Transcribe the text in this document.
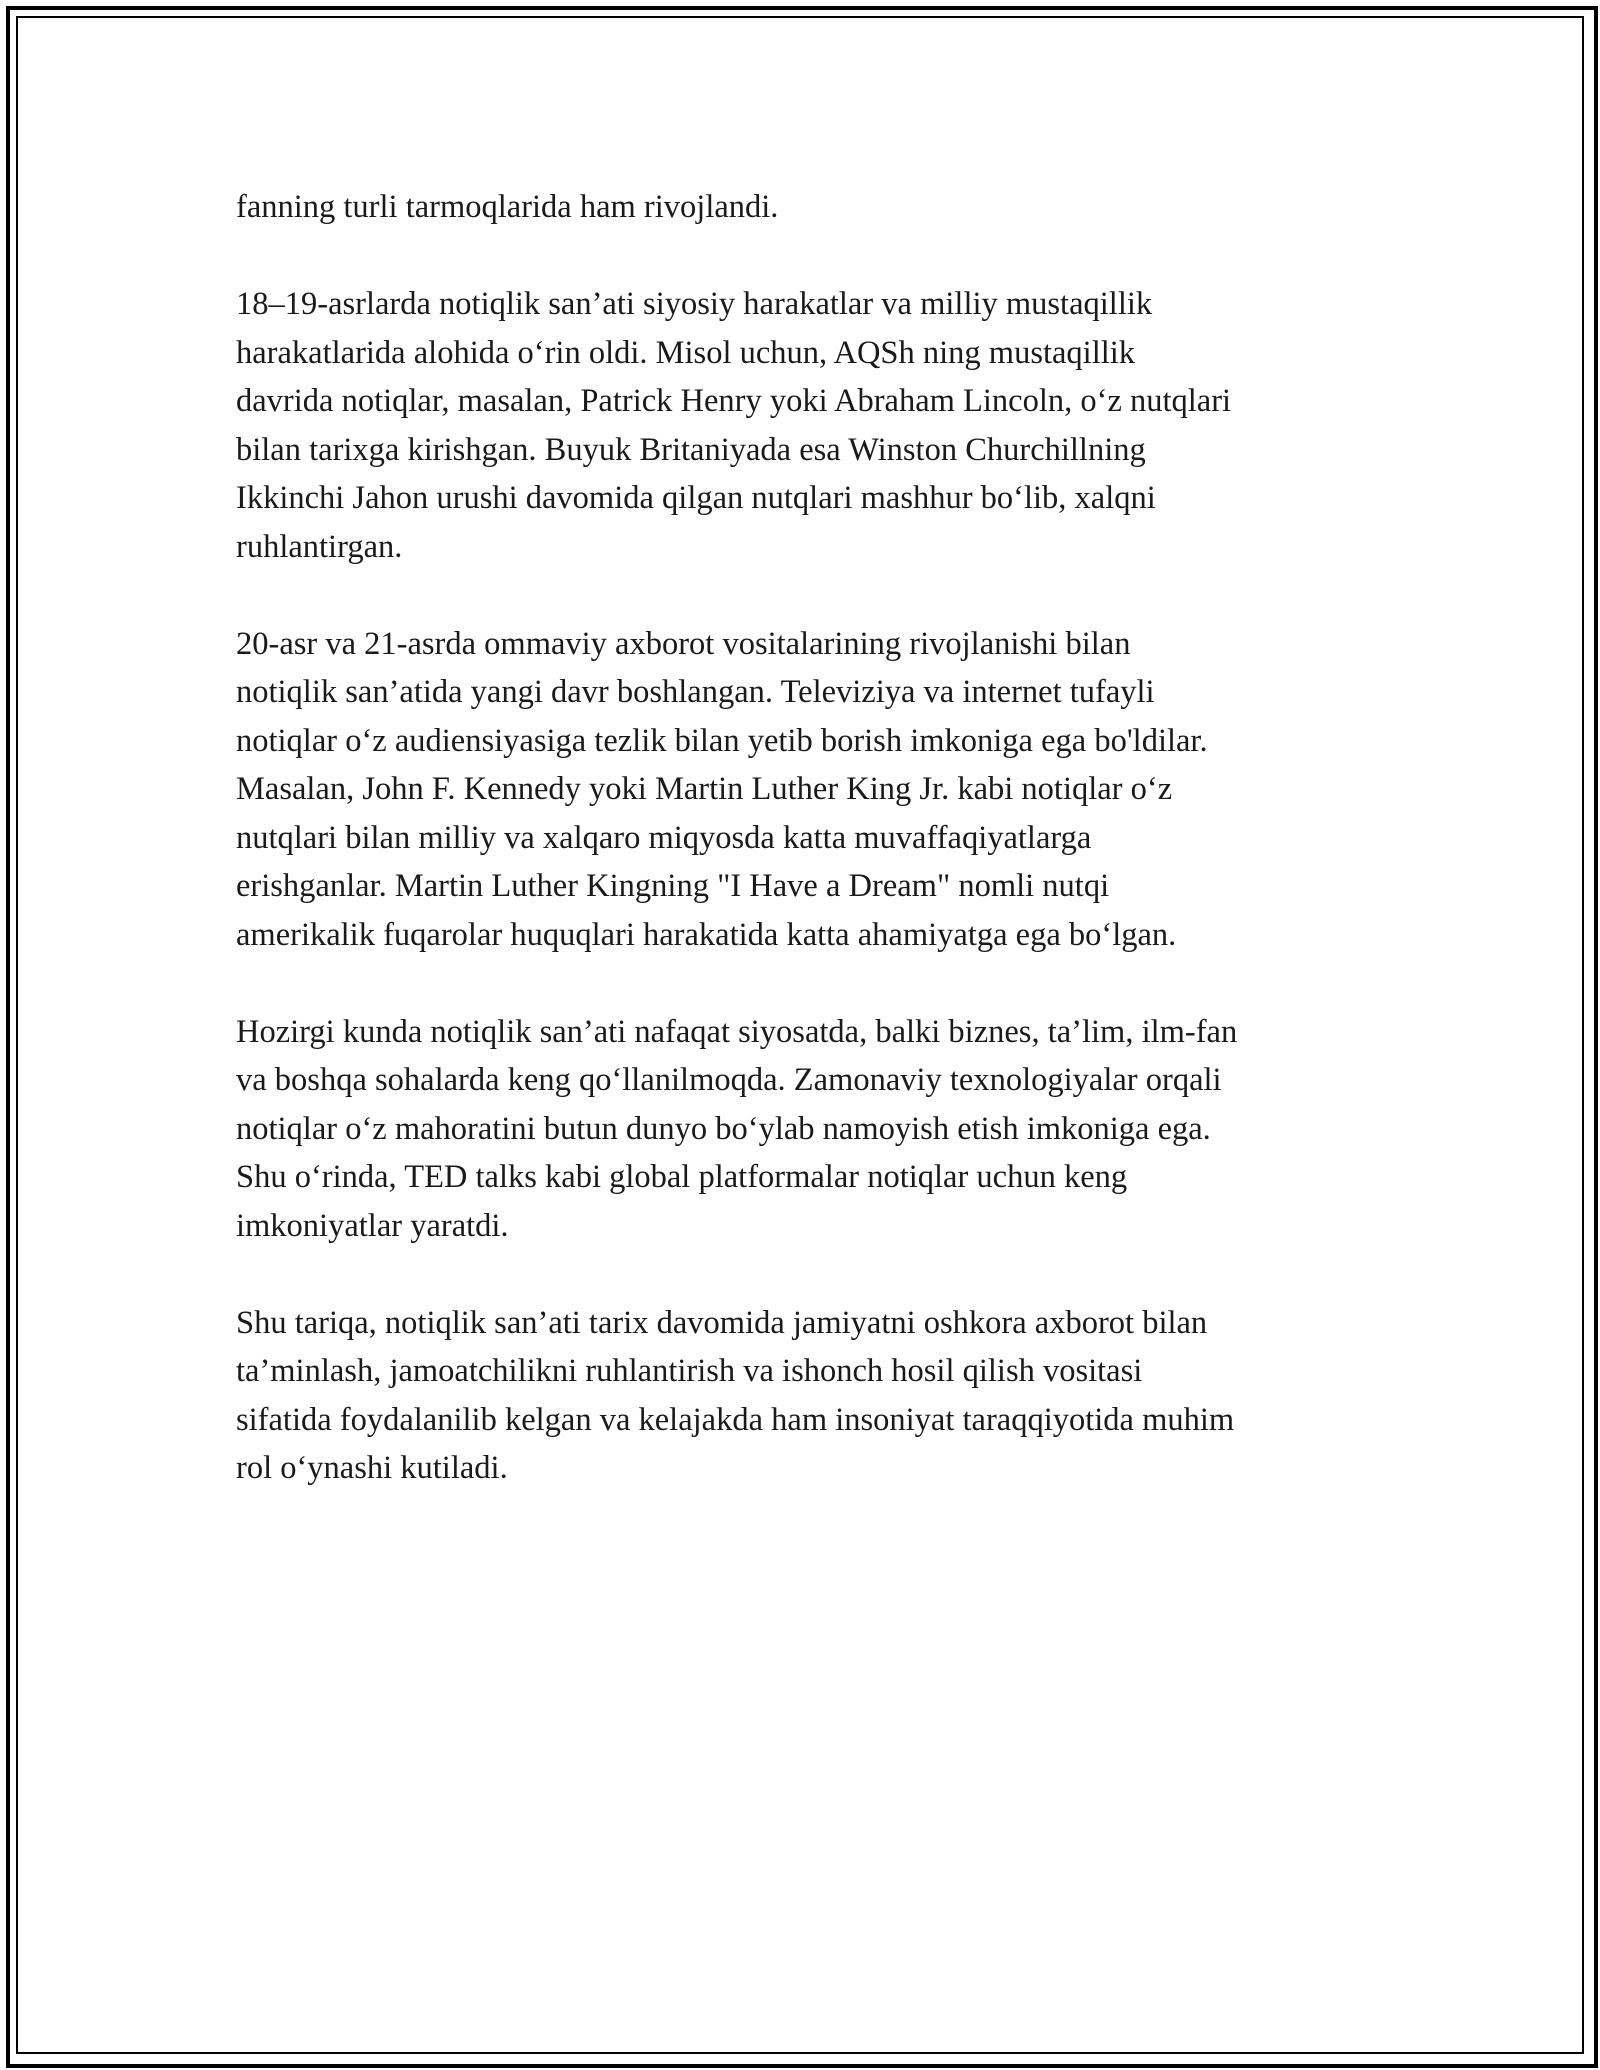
fanning turli tarmoqlarida ham rivojlandi.

18–19-asrlarda notiqlik san’ati siyosiy harakatlar va milliy mustaqillik
harakatlarida alohida o‘rin oldi. Misol uchun, AQSh ning mustaqillik
davrida notiqlar, masalan, Patrick Henry yoki Abraham Lincoln, o‘z nutqlari
bilan tarixga kirishgan. Buyuk Britaniyada esa Winston Churchillning
Ikkinchi Jahon urushi davomida qilgan nutqlari mashhur bo‘lib, xalqni
ruhlantirgan.

20-asr va 21-asrda ommaviy axborot vositalarining rivojlanishi bilan
notiqlik san’atida yangi davr boshlangan. Televiziya va internet tufayli
notiqlar o‘z audiensiyasiga tezlik bilan yetib borish imkoniga ega bo'ldilar.
Masalan, John F. Kennedy yoki Martin Luther King Jr. kabi notiqlar o‘z
nutqlari bilan milliy va xalqaro miqyosda katta muvaffaqiyatlarga
erishganlar. Martin Luther Kingning "I Have a Dream" nomli nutqi
amerikalik fuqarolar huquqlari harakatida katta ahamiyatga ega bo‘lgan.

Hozirgi kunda notiqlik san’ati nafaqat siyosatda, balki biznes, ta’lim, ilm-fan
va boshqa sohalarda keng qo‘llanilmoqda. Zamonaviy texnologiyalar orqali
notiqlar o‘z mahoratini butun dunyo bo‘ylab namoyish etish imkoniga ega.
Shu o‘rinda, TED talks kabi global platformalar notiqlar uchun keng
imkoniyatlar yaratdi.

Shu tariqa, notiqlik san’ati tarix davomida jamiyatni oshkora axborot bilan
ta’minlash, jamoatchilikni ruhlantirish va ishonch hosil qilish vositasi
sifatida foydalanilib kelgan va kelajakda ham insoniyat taraqqiyotida muhim
rol o‘ynashi kutiladi.
